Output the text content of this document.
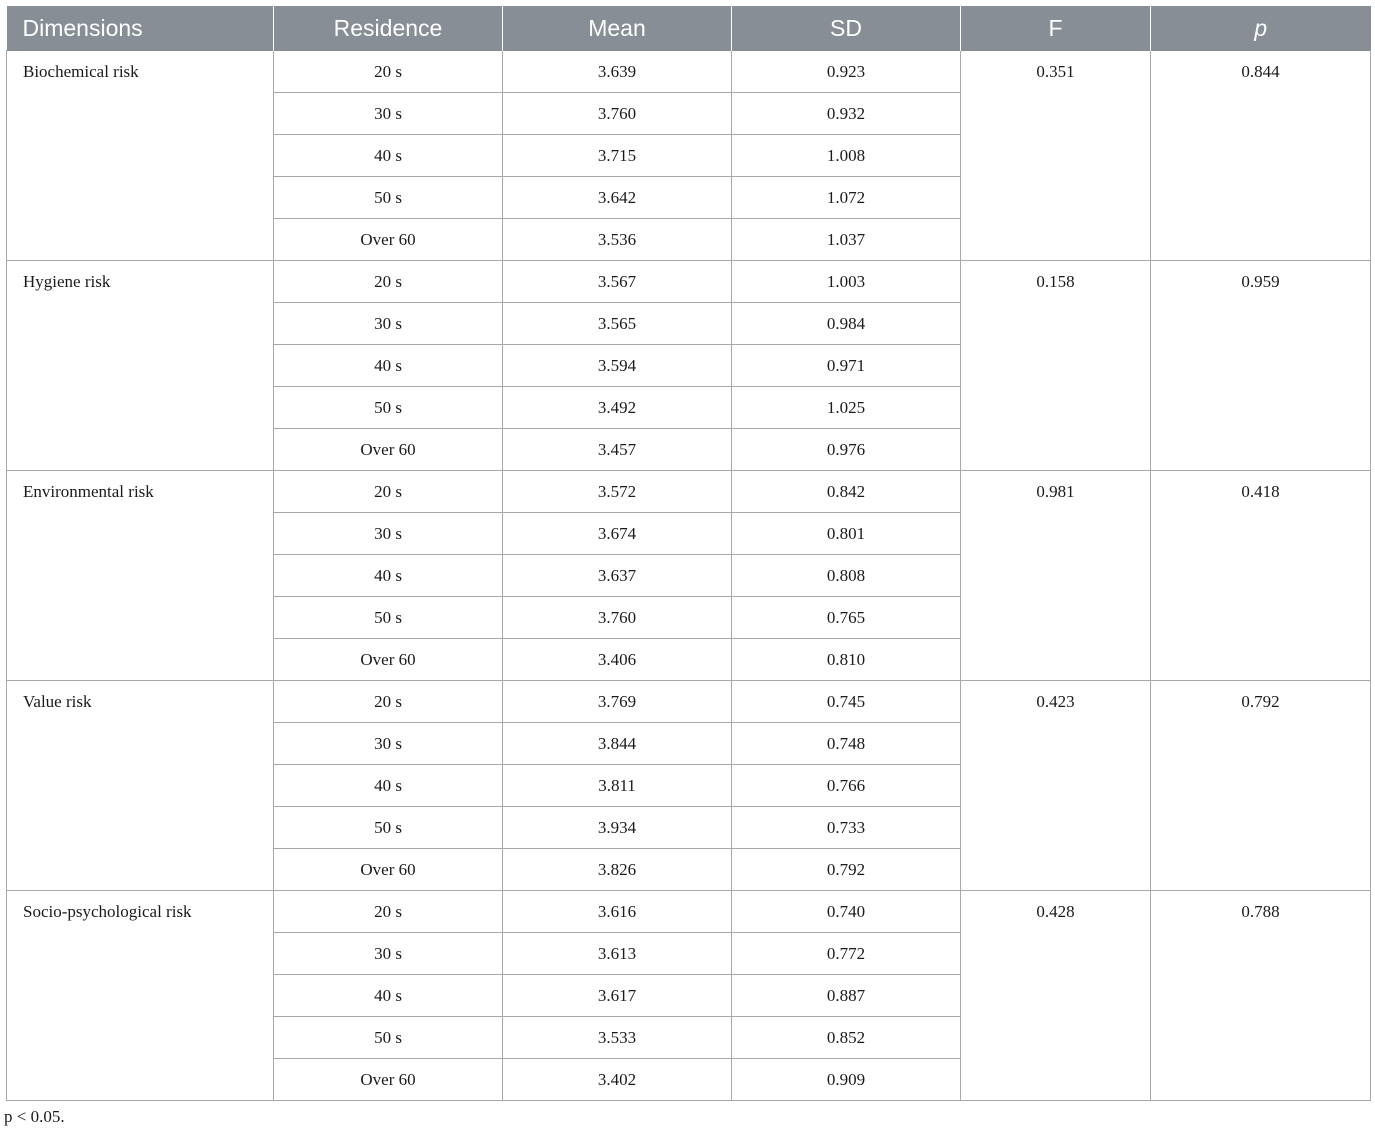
Dimensions	Residence	Mean	SD	F	p
Biochemical risk	20 s	3.639	0.923	0.351	0.844
	30 s	3.760	0.932		
	40 s	3.715	1.008		
	50 s	3.642	1.072		
	Over 60	3.536	1.037		
Hygiene risk	20 s	3.567	1.003	0.158	0.959
	30 s	3.565	0.984		
	40 s	3.594	0.971		
	50 s	3.492	1.025		
	Over 60	3.457	0.976		
Environmental risk	20 s	3.572	0.842	0.981	0.418
	30 s	3.674	0.801		
	40 s	3.637	0.808		
	50 s	3.760	0.765		
	Over 60	3.406	0.810		
Value risk	20 s	3.769	0.745	0.423	0.792
	30 s	3.844	0.748		
	40 s	3.811	0.766		
	50 s	3.934	0.733		
	Over 60	3.826	0.792		
Socio-psychological risk	20 s	3.616	0.740	0.428	0.788
	30 s	3.613	0.772		
	40 s	3.617	0.887		
	50 s	3.533	0.852		
	Over 60	3.402	0.909		
p < 0.05.
